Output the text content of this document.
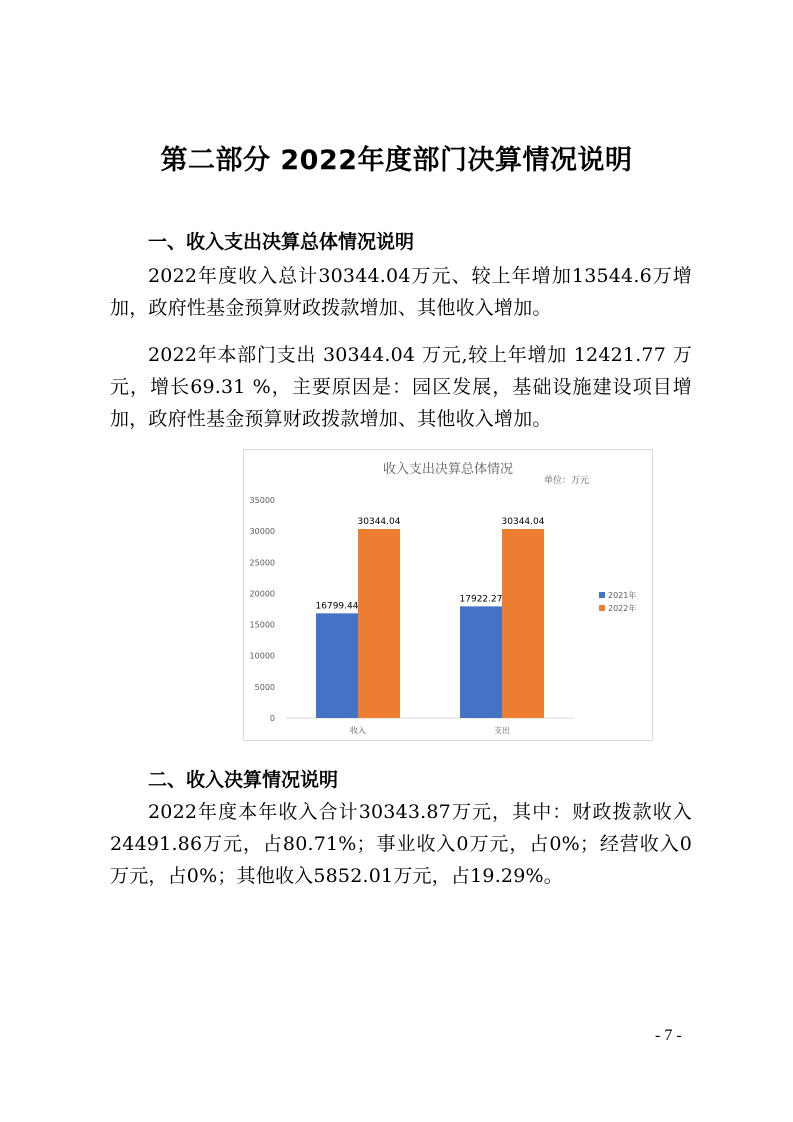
第二部分 2022年度部门决算情况说明
一、收入支出决算总体情况说明

2022年度收入总计30344.04万元、较上年增加13544.6万增加，政府性基金预算财政拨款增加、其他收入增加。

2022年本部门支出 30344.04 万元,较上年增加 12421.77 万元，增长69.31 %，主要原因是：园区发展，基础设施建设项目增加，政府性基金预算财政拨款增加、其他收入增加。

收入支出决算总体情况
单位：万元
0
5000
10000
15000
20000
25000
30000
35000
16799.44
30344.04
收入
17922.27
30344.04
支出
2021年
2022年
二、收入决算情况说明

2022年度本年收入合计30343.87万元，其中：财政拨款收入24491.86万元，占80.71%；事业收入0万元，占0%；经营收入0万元，占0%；其他收入5852.01万元，占19.29%。

- 7 -
